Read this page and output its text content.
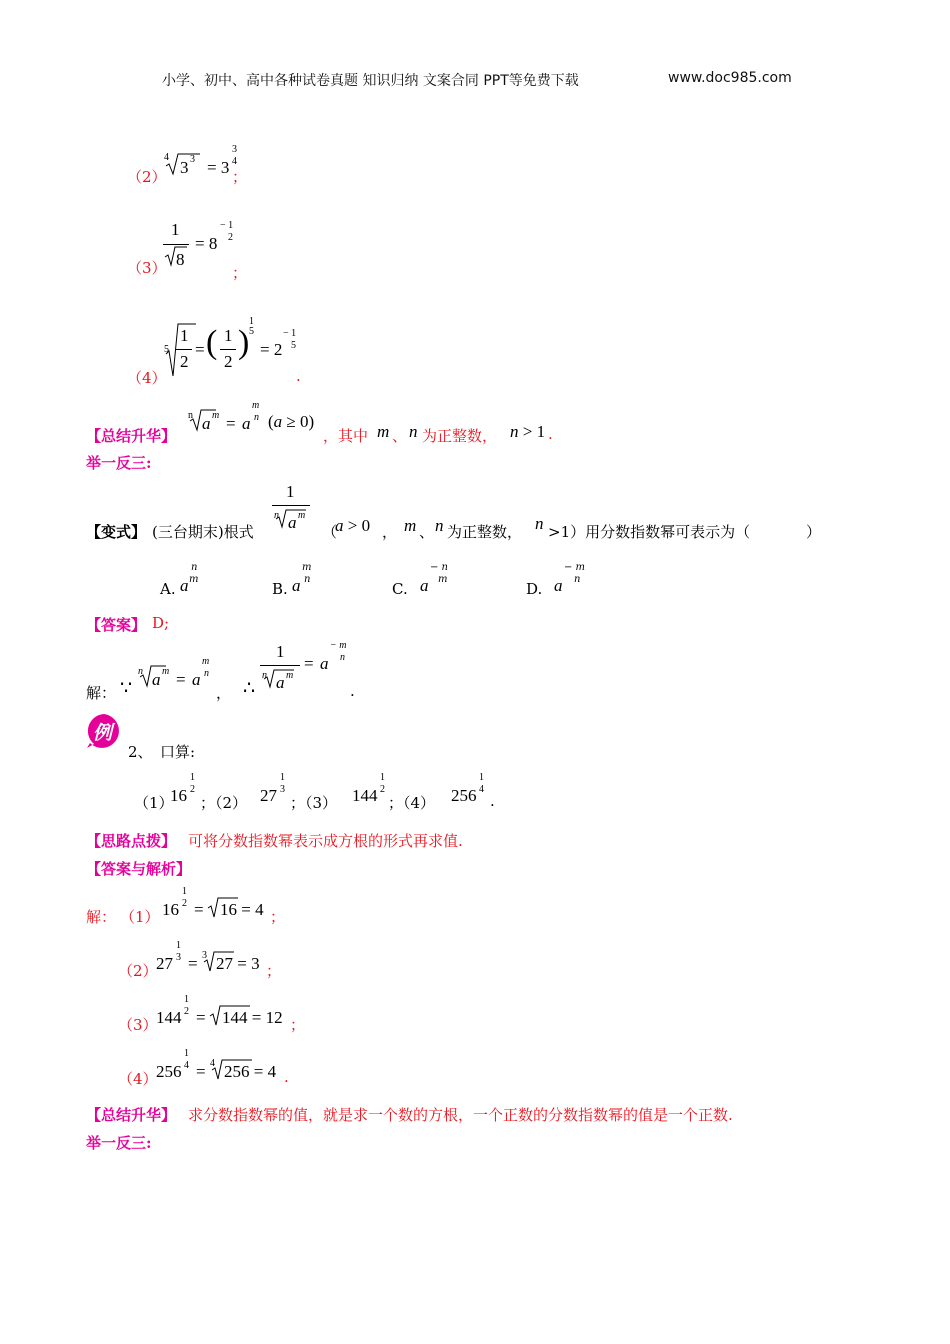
小学、初中、高中各种试卷真题 知识归纳 文案合同 PPT等免费下载	www.doc985.com
（2）
4
3 3 = 3
3
4
；
（3）
1
8
= 8
− 1
2
；
（4）
5
1
2
= ( 1
2
)
1
5
= 2
− 1
5
.
【总结升华】
n a m = a
m
n (a ≥ 0)
，其中 m 、 n 为正整数， n > 1 .
举一反三:
【变式】 (三台期末)根式
1
n a m
（
a > 0 ， m 、 n 为正整数， n >1）用分数指数幂可表示为（	）
A. a
n
m
B. a
m
n
C. a
− n
m
D. a
− m
n
【答案】 D;
解： ∵
n a m = a
m
n
， ∴
1
n a m
= a
− m
n
.
例
2、 口算:
（1）
16
1
2
；（2） 27
1
3
；（3） 144
1
2
；（4） 256
1
4
.
【思路点拨】 可将分数指数幂表示成方根的形式再求值.
【答案与解析】
解： （1） 16
1
2 = 16 = 4 ；
（2）
27
1
3 = 3 27 = 3 ；
（3）
144
1
2 = 144 = 12 ；
（4）
256
1
4 = 4 256 = 4 .
【总结升华】 求分数指数幂的值，就是求一个数的方根，一个正数的分数指数幂的值是一个正数.
举一反三:
